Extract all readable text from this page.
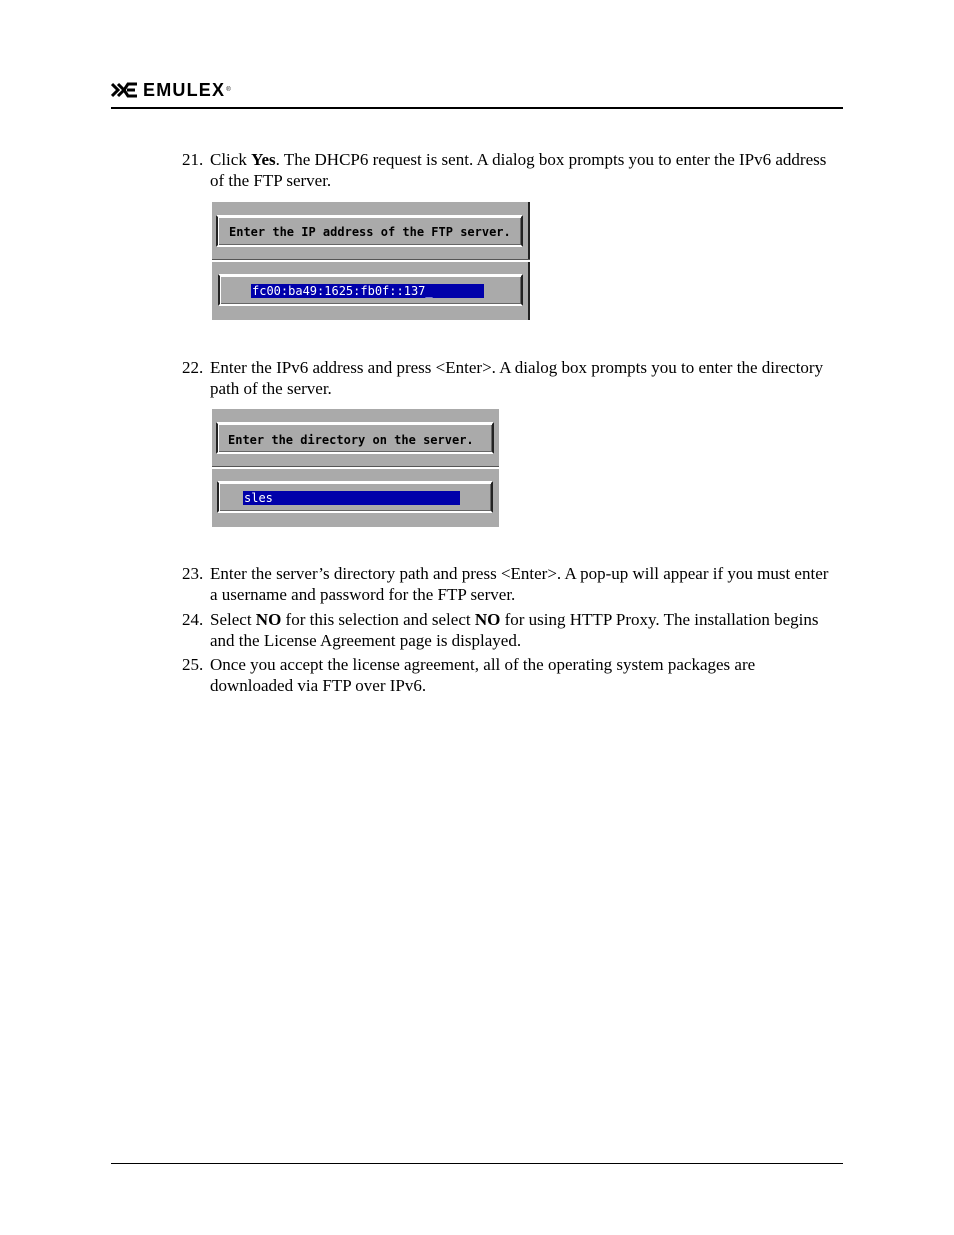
EMULEX ®
21. Click Yes. The DHCP6 request is sent. A dialog box prompts you to enter the IPv6 address of the FTP server.
Enter the IP address of the FTP server.
fc00:ba49:1625:fb0f::137_
22. Enter the IPv6 address and press <Enter>. A dialog box prompts you to enter the directory path of the server.
Enter the directory on the server.
sles
23. Enter the server’s directory path and press <Enter>. A pop-up will appear if you must enter a username and password for the FTP server.
24. Select NO for this selection and select NO for using HTTP Proxy. The installation begins and the License Agreement page is displayed.
25. Once you accept the license agreement, all of the operating system packages are downloaded via FTP over IPv6.
